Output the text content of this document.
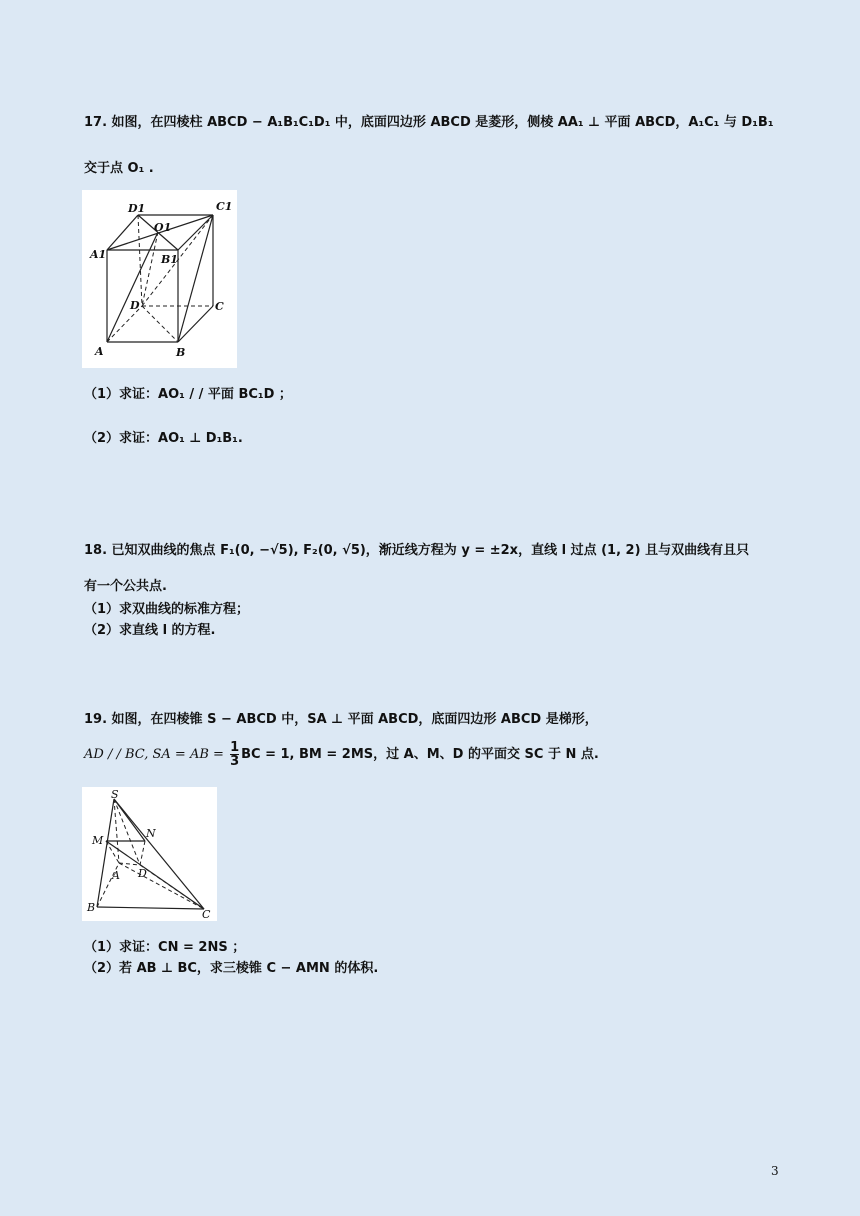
17. 如图，在四棱柱 ABCD − A₁B₁C₁D₁ 中，底面四边形 ABCD 是菱形，侧棱 AA₁ ⊥ 平面 ABCD，A₁C₁ 与 D₁B₁
交于点 O₁ .
D1	C1
O1
A1	B1
D	C
A	B
（1）求证：AO₁ / / 平面 BC₁D ；
（2）求证：AO₁ ⊥ D₁B₁.
18. 已知双曲线的焦点 F₁(0, −√5), F₂(0, √5)，渐近线方程为 y = ±2x，直线 l 过点 (1, 2) 且与双曲线有且只
有一个公共点.
（1）求双曲线的标准方程；
（2）求直线 l 的方程.
19. 如图，在四棱锥 S − ABCD 中，SA ⊥ 平面 ABCD，底面四边形 ABCD 是梯形，
AD / / BC, SA = AB = $\frac{1}{3}$ BC = 1, BM = 2MS，过 A、M、D 的平面交 SC 于 N 点.
S
M
N
A D
B
C
（1）求证：CN = 2NS ；
（2）若 AB ⊥ BC，求三棱锥 C − AMN 的体积.
3
